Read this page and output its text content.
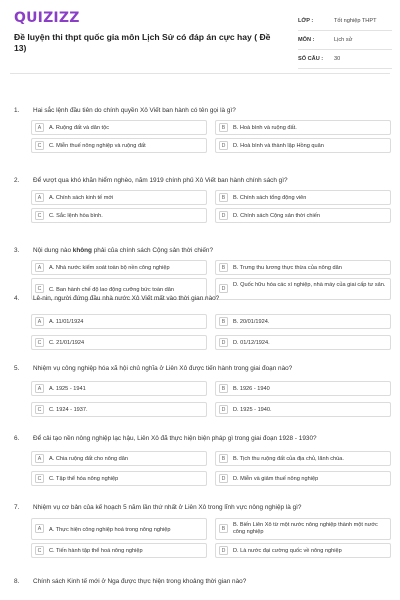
QUIZIZZ
Đề luyện thi thpt quốc gia môn Lịch Sử có đáp án cực hay ( Đề 13)
LỚP :	Tốt nghiệp THPT
MÔN :	Lịch sử
SỐ CÂU :	30
1. Hai sắc lệnh đầu tiên do chính quyền Xô Viết ban hành có tên gọi là gì?
A	A. Ruộng đất và dân tộc	B	B. Hoà bình và ruộng đất.
C	C. Miễn thuế nông nghiệp và ruộng đất	D	D. Hoà bình và thành lập Hồng quân
2. Để vượt qua khó khăn hiểm nghèo, năm 1919 chính phủ Xô Viết ban hành chính sách gì?
A	A. Chính sách kinh tế mới	B	B. Chính sách tổng động viên
C	C. Sắc lệnh hòa bình.	D	D. Chính sách Cộng sản thời chiến
3. Nội dung nào không phải của chính sách Cộng sản thời chiến?
A	A. Nhà nước kiểm soát toàn bộ nền công nghiệp	B	B. Trưng thu lương thực thừa của nông dân
C	C. Ban hành chế độ lao động cưỡng bức toàn dân	D
D. Quốc hữu hóa các xí nghiệp, nhà máy của giai cấp tư sản.
4. Lê-nin, người đứng đầu nhà nước Xô Viết mất vào thời gian nào?
A	A. 11/01/1924	B	B. 20/01/1924.
C	C. 21/01/1924	D	D. 01/12/1924.
5. Nhiệm vụ công nghiệp hóa xã hội chủ nghĩa ở Liên Xô được tiến hành trong giai đoạn nào?
A	A. 1925 - 1941	B	B. 1926 - 1940
C	C. 1924 - 1937.	D	D. 1925 - 1940.
6. Để cải tạo nền nông nghiệp lạc hậu, Liên Xô đã thực hiện biện pháp gì trong giai đoạn 1928 - 1930?
A	A. Chia ruộng đất cho nông dân	B	B. Tịch thu ruộng đất của địa chủ, lãnh chúa.
C	C. Tập thể hóa nông nghiệp	D	D. Miễn và giảm thuế nông nghiệp
7. Nhiệm vụ cơ bản của kế hoạch 5 năm lần thứ nhất ở Liên Xô trong lĩnh vực nông nghiệp là gì?
A	A. Thực hiện công nghiệp hoá trong nông nghiệp	B
B. Biến Liên Xô từ một nước nông nghiệp thành một nước công nghiệp
C	C. Tiến hành tập thể hoá nông nghiệp	D	D. Là nước đại cường quốc về nông nghiệp
8. Chính sách Kinh tế mới ở Nga được thực hiện trong khoảng thời gian nào?
